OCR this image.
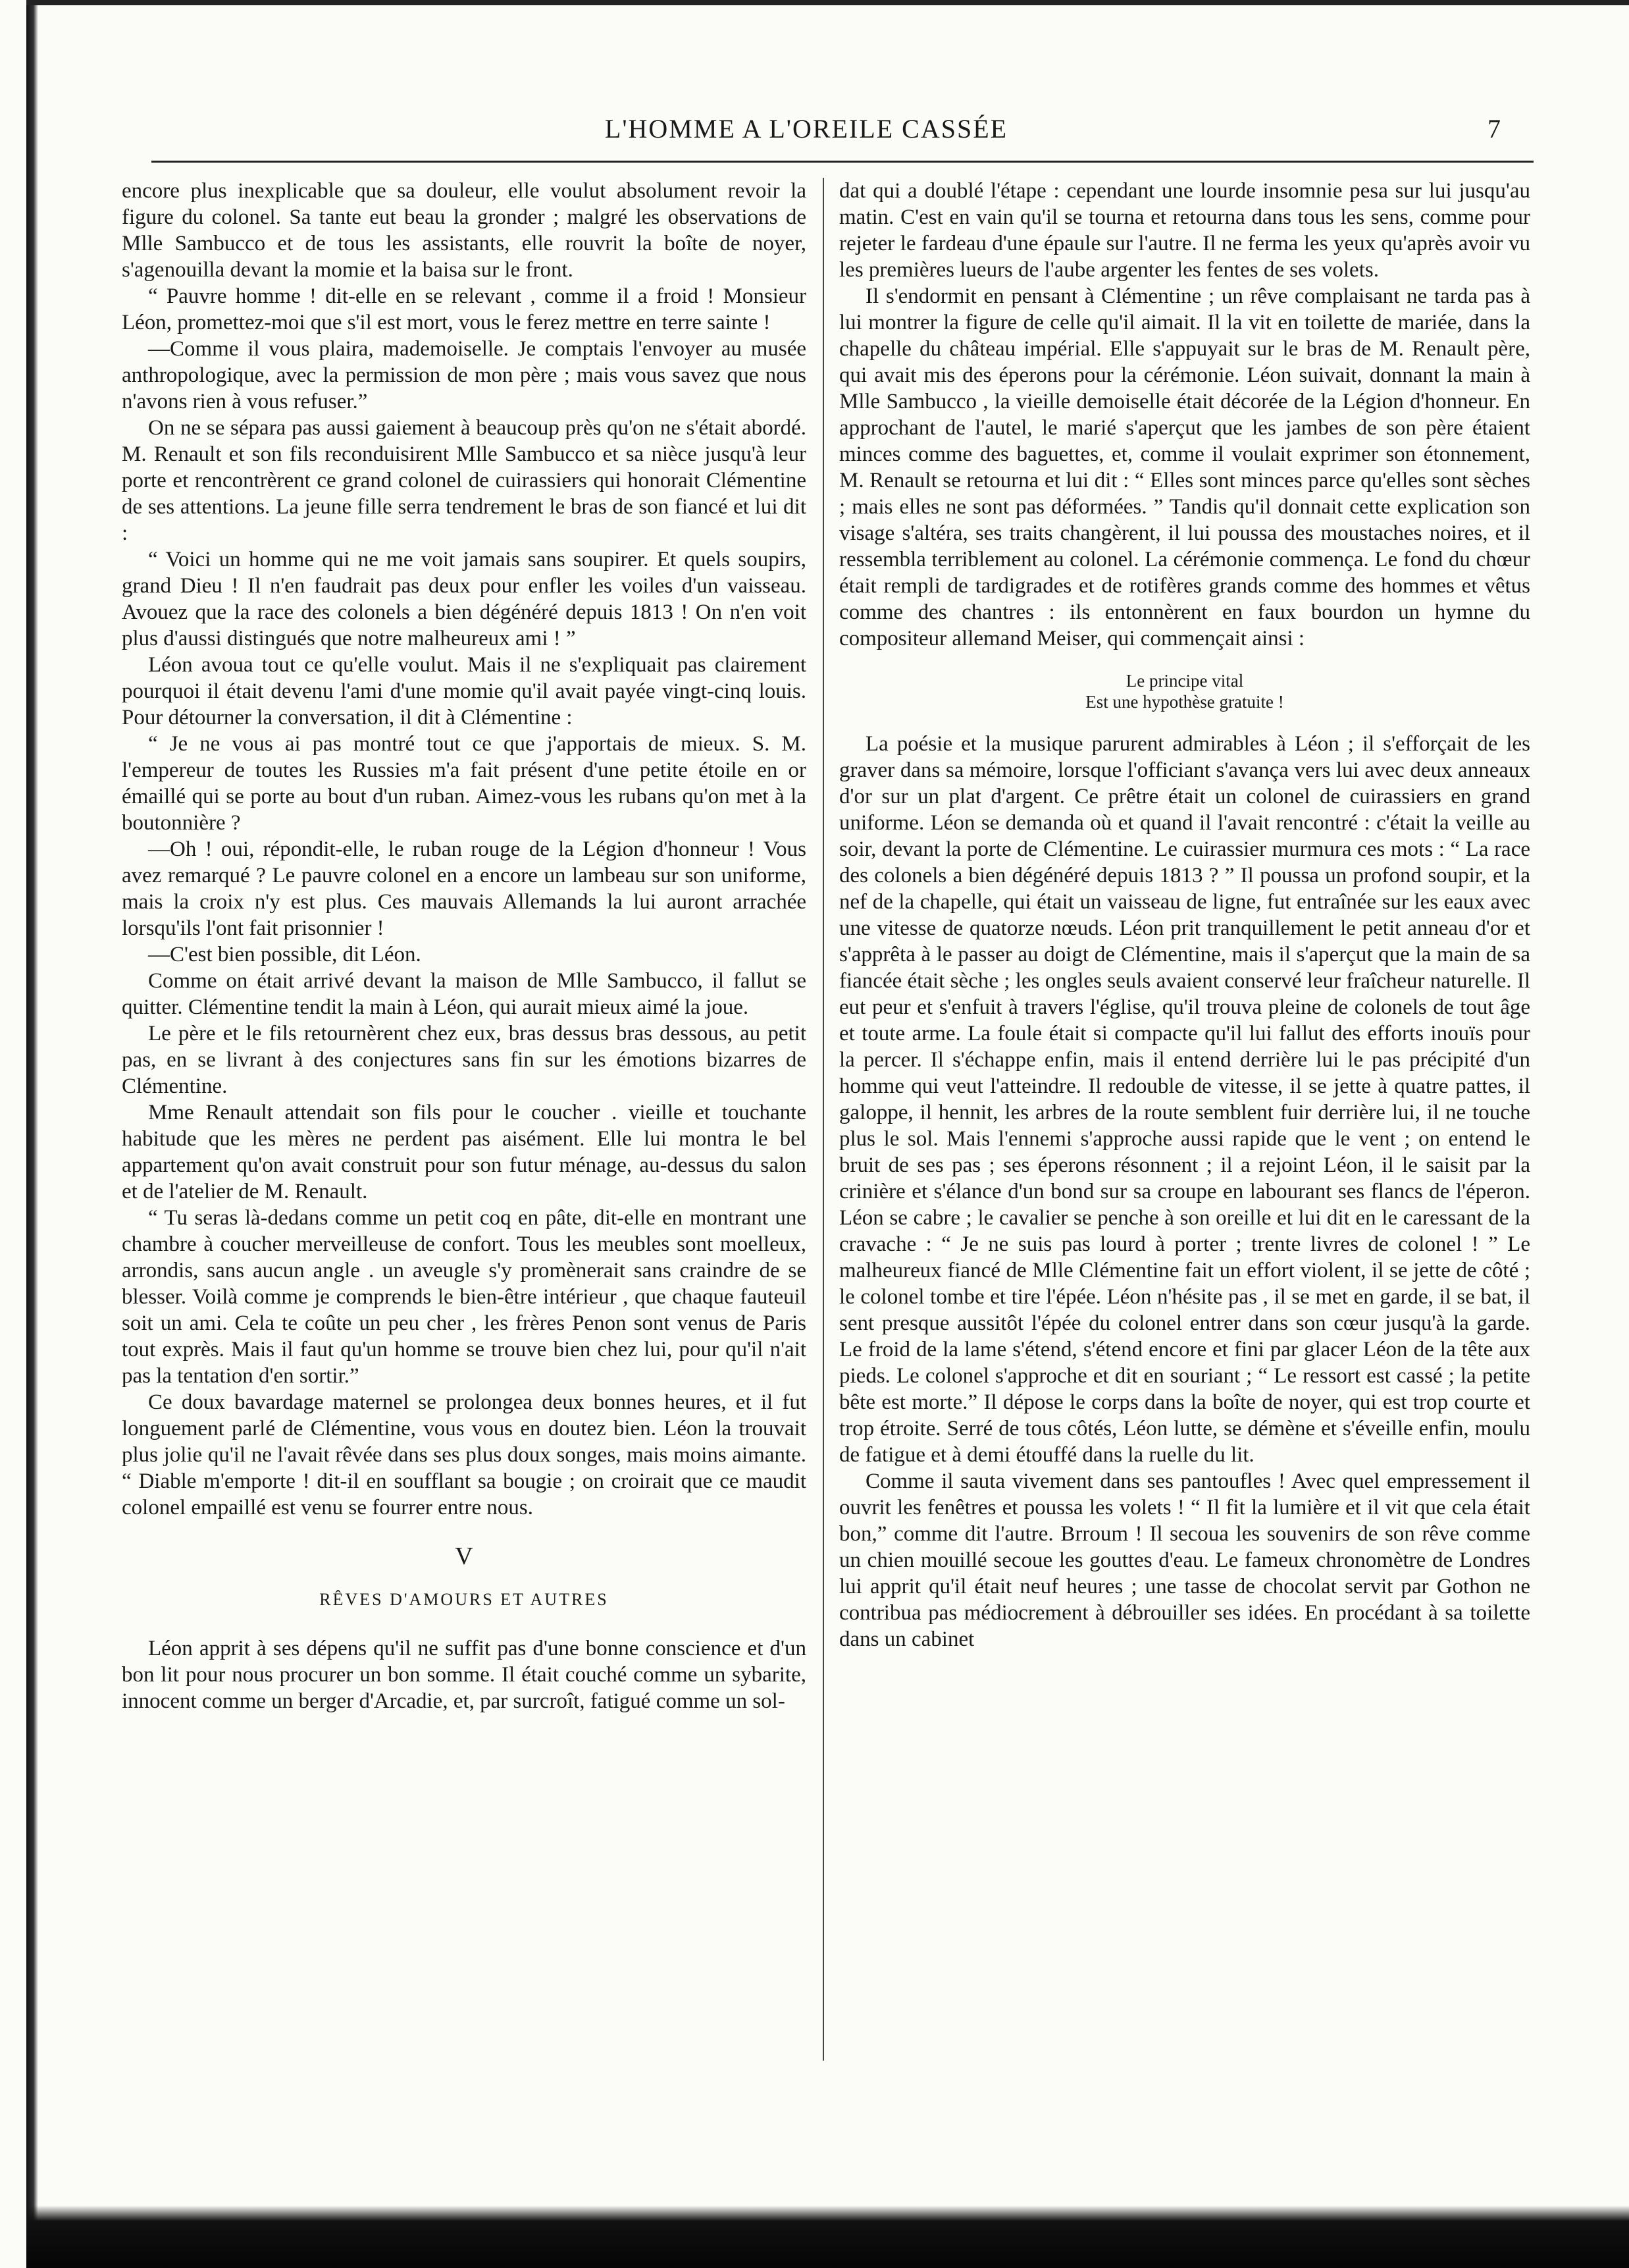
L'HOMME A L'OREILE CASSÉE	7

encore plus inexplicable que sa douleur, elle voulut absolument revoir la figure du colonel. Sa tante eut beau la gronder ; malgré les observations de Mlle Sambucco et de tous les assistants, elle rouvrit la boîte de noyer, s'agenouilla devant la momie et la baisa sur le front.

“ Pauvre homme ! dit-elle en se relevant , comme il a froid ! Monsieur Léon, promettez-moi que s'il est mort, vous le ferez mettre en terre sainte !

—Comme il vous plaira, mademoiselle. Je comptais l'envoyer au musée anthropologique, avec la permission de mon père ; mais vous savez que nous n'avons rien à vous refuser.”

On ne se sépara pas aussi gaiement à beaucoup près qu'on ne s'était abordé. M. Renault et son fils reconduisirent Mlle Sambucco et sa nièce jusqu'à leur porte et rencontrèrent ce grand colonel de cuirassiers qui honorait Clémentine de ses attentions. La jeune fille serra tendrement le bras de son fiancé et lui dit :

“ Voici un homme qui ne me voit jamais sans soupirer. Et quels soupirs, grand Dieu ! Il n'en faudrait pas deux pour enfler les voiles d'un vaisseau. Avouez que la race des colonels a bien dégénéré depuis 1813 ! On n'en voit plus d'aussi distingués que notre malheureux ami ! ”

Léon avoua tout ce qu'elle voulut. Mais il ne s'expliquait pas clairement pourquoi il était devenu l'ami d'une momie qu'il avait payée vingt-cinq louis. Pour détourner la conversation, il dit à Clémentine :

“ Je ne vous ai pas montré tout ce que j'apportais de mieux. S. M. l'empereur de toutes les Russies m'a fait présent d'une petite étoile en or émaillé qui se porte au bout d'un ruban. Aimez-vous les rubans qu'on met à la boutonnière ?

—Oh ! oui, répondit-elle, le ruban rouge de la Légion d'honneur ! Vous avez remarqué ? Le pauvre colonel en a encore un lambeau sur son uniforme, mais la croix n'y est plus. Ces mauvais Allemands la lui auront arrachée lorsqu'ils l'ont fait prisonnier !

—C'est bien possible, dit Léon.

Comme on était arrivé devant la maison de Mlle Sambucco, il fallut se quitter. Clémentine tendit la main à Léon, qui aurait mieux aimé la joue.

Le père et le fils retournèrent chez eux, bras dessus bras dessous, au petit pas, en se livrant à des conjectures sans fin sur les émotions bizarres de Clémentine.

Mme Renault attendait son fils pour le coucher . vieille et touchante habitude que les mères ne perdent pas aisément. Elle lui montra le bel appartement qu'on avait construit pour son futur ménage, au-dessus du salon et de l'atelier de M. Renault.

“ Tu seras là-dedans comme un petit coq en pâte, dit-elle en montrant une chambre à coucher merveilleuse de confort. Tous les meubles sont moelleux, arrondis, sans aucun angle . un aveugle s'y promènerait sans craindre de se blesser. Voilà comme je comprends le bien-être intérieur , que chaque fauteuil soit un ami. Cela te coûte un peu cher , les frères Penon sont venus de Paris tout exprès. Mais il faut qu'un homme se trouve bien chez lui, pour qu'il n'ait pas la tentation d'en sortir.”

Ce doux bavardage maternel se prolongea deux bonnes heures, et il fut longuement parlé de Clémentine, vous vous en doutez bien. Léon la trouvait plus jolie qu'il ne l'avait rêvée dans ses plus doux songes, mais moins aimante. “ Diable m'emporte ! dit-il en soufflant sa bougie ; on croirait que ce maudit colonel empaillé est venu se fourrer entre nous.

V
RÊVES D'AMOURS ET AUTRES

Léon apprit à ses dépens qu'il ne suffit pas d'une bonne conscience et d'un bon lit pour nous procurer un bon somme. Il était couché comme un sybarite, innocent comme un berger d'Arcadie, et, par surcroît, fatigué comme un sol-

dat qui a doublé l'étape : cependant une lourde insomnie pesa sur lui jusqu'au matin. C'est en vain qu'il se tourna et retourna dans tous les sens, comme pour rejeter le fardeau d'une épaule sur l'autre. Il ne ferma les yeux qu'après avoir vu les premières lueurs de l'aube argenter les fentes de ses volets.

Il s'endormit en pensant à Clémentine ; un rêve complaisant ne tarda pas à lui montrer la figure de celle qu'il aimait. Il la vit en toilette de mariée, dans la chapelle du château impérial. Elle s'appuyait sur le bras de M. Renault père, qui avait mis des éperons pour la cérémonie. Léon suivait, donnant la main à Mlle Sambucco , la vieille demoiselle était décorée de la Légion d'honneur. En approchant de l'autel, le marié s'aperçut que les jambes de son père étaient minces comme des baguettes, et, comme il voulait exprimer son étonnement, M. Renault se retourna et lui dit : “ Elles sont minces parce qu'elles sont sèches ; mais elles ne sont pas déformées. ” Tandis qu'il donnait cette explication son visage s'altéra, ses traits changèrent, il lui poussa des moustaches noires, et il ressembla terriblement au colonel. La cérémonie commença. Le fond du chœur était rempli de tardigrades et de rotifères grands comme des hommes et vêtus comme des chantres : ils entonnèrent en faux bourdon un hymne du compositeur allemand Meiser, qui commençait ainsi :

Le principe vital
Est une hypothèse gratuite !

La poésie et la musique parurent admirables à Léon ; il s'efforçait de les graver dans sa mémoire, lorsque l'officiant s'avança vers lui avec deux anneaux d'or sur un plat d'argent. Ce prêtre était un colonel de cuirassiers en grand uniforme. Léon se demanda où et quand il l'avait rencontré : c'était la veille au soir, devant la porte de Clémentine. Le cuirassier murmura ces mots : “ La race des colonels a bien dégénéré depuis 1813 ? ” Il poussa un profond soupir, et la nef de la chapelle, qui était un vaisseau de ligne, fut entraînée sur les eaux avec une vitesse de quatorze nœuds. Léon prit tranquillement le petit anneau d'or et s'apprêta à le passer au doigt de Clémentine, mais il s'aperçut que la main de sa fiancée était sèche ; les ongles seuls avaient conservé leur fraîcheur naturelle. Il eut peur et s'enfuit à travers l'église, qu'il trouva pleine de colonels de tout âge et toute arme. La foule était si compacte qu'il lui fallut des efforts inouïs pour la percer. Il s'échappe enfin, mais il entend derrière lui le pas précipité d'un homme qui veut l'atteindre. Il redouble de vitesse, il se jette à quatre pattes, il galoppe, il hennit, les arbres de la route semblent fuir derrière lui, il ne touche plus le sol. Mais l'ennemi s'approche aussi rapide que le vent ; on entend le bruit de ses pas ; ses éperons résonnent ; il a rejoint Léon, il le saisit par la crinière et s'élance d'un bond sur sa croupe en labourant ses flancs de l'éperon. Léon se cabre ; le cavalier se penche à son oreille et lui dit en le caressant de la cravache : “ Je ne suis pas lourd à porter ; trente livres de colonel ! ” Le malheureux fiancé de Mlle Clémentine fait un effort violent, il se jette de côté ; le colonel tombe et tire l'épée. Léon n'hésite pas , il se met en garde, il se bat, il sent presque aussitôt l'épée du colonel entrer dans son cœur jusqu'à la garde. Le froid de la lame s'étend, s'étend encore et fini par glacer Léon de la tête aux pieds. Le colonel s'approche et dit en souriant ; “ Le ressort est cassé ; la petite bête est morte.” Il dépose le corps dans la boîte de noyer, qui est trop courte et trop étroite. Serré de tous côtés, Léon lutte, se démène et s'éveille enfin, moulu de fatigue et à demi étouffé dans la ruelle du lit.

Comme il sauta vivement dans ses pantoufles ! Avec quel empressement il ouvrit les fenêtres et poussa les volets ! “ Il fit la lumière et il vit que cela était bon,” comme dit l'autre. Brroum ! Il secoua les souvenirs de son rêve comme un chien mouillé secoue les gouttes d'eau. Le fameux chronomètre de Londres lui apprit qu'il était neuf heures ; une tasse de chocolat servit par Gothon ne contribua pas médiocrement à débrouiller ses idées. En procédant à sa toilette dans un cabinet
